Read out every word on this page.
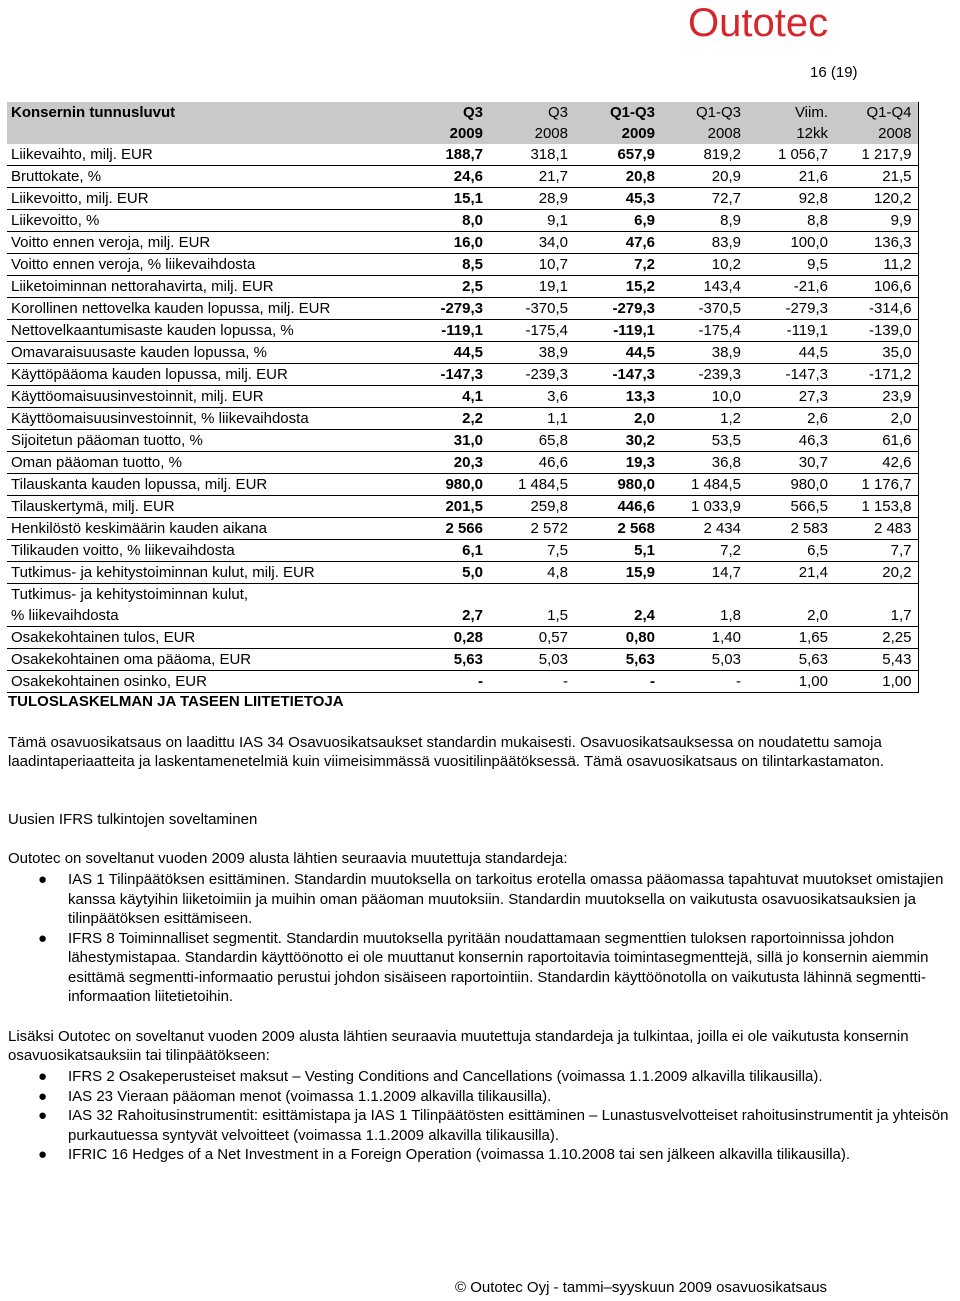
Outotec
16 (19)
Konsernin tunnusluvut	Q3	Q3	Q1-Q3	Q1-Q3	Viim.	Q1-Q4
	2009	2008	2009	2008	12kk	2008
Liikevaihto, milj. EUR	188,7	318,1	657,9	819,2	1 056,7	1 217,9
Bruttokate, %	24,6	21,7	20,8	20,9	21,6	21,5
Liikevoitto, milj. EUR	15,1	28,9	45,3	72,7	92,8	120,2
Liikevoitto, %	8,0	9,1	6,9	8,9	8,8	9,9
Voitto ennen veroja, milj. EUR	16,0	34,0	47,6	83,9	100,0	136,3
Voitto ennen veroja, % liikevaihdosta	8,5	10,7	7,2	10,2	9,5	11,2
Liiketoiminnan nettorahavirta, milj. EUR	2,5	19,1	15,2	143,4	-21,6	106,6
Korollinen nettovelka kauden lopussa, milj. EUR	-279,3	-370,5	-279,3	-370,5	-279,3	-314,6
Nettovelkaantumisaste kauden lopussa, %	-119,1	-175,4	-119,1	-175,4	-119,1	-139,0
Omavaraisuusaste kauden lopussa, %	44,5	38,9	44,5	38,9	44,5	35,0
Käyttöpääoma kauden lopussa, milj. EUR	-147,3	-239,3	-147,3	-239,3	-147,3	-171,2
Käyttöomaisuusinvestoinnit, milj. EUR	4,1	3,6	13,3	10,0	27,3	23,9
Käyttöomaisuusinvestoinnit, % liikevaihdosta	2,2	1,1	2,0	1,2	2,6	2,0
Sijoitetun pääoman tuotto, %	31,0	65,8	30,2	53,5	46,3	61,6
Oman pääoman tuotto, %	20,3	46,6	19,3	36,8	30,7	42,6
Tilauskanta kauden lopussa, milj. EUR	980,0	1 484,5	980,0	1 484,5	980,0	1 176,7
Tilauskertymä, milj. EUR	201,5	259,8	446,6	1 033,9	566,5	1 153,8
Henkilöstö keskimäärin kauden aikana	2 566	2 572	2 568	2 434	2 583	2 483
Tilikauden voitto, % liikevaihdosta	6,1	7,5	5,1	7,2	6,5	7,7
Tutkimus- ja kehitystoiminnan kulut, milj. EUR	5,0	4,8	15,9	14,7	21,4	20,2
Tutkimus- ja kehitystoiminnan kulut,						
% liikevaihdosta	2,7	1,5	2,4	1,8	2,0	1,7
Osakekohtainen tulos, EUR	0,28	0,57	0,80	1,40	1,65	2,25
Osakekohtainen oma pääoma, EUR	5,63	5,03	5,63	5,03	5,63	5,43
Osakekohtainen osinko, EUR	-	-	-	-	1,00	1,00
TULOSLASKELMAN JA TASEEN LIITETIETOJA
Tämä osavuosikatsaus on laadittu IAS 34 Osavuosikatsaukset standardin mukaisesti. Osavuosikatsauksessa on noudatettu samoja laadintaperiaatteita ja laskentamenetelmiä kuin viimeisimmässä vuositilinpäätöksessä. Tämä osavuosikatsaus on tilintarkastamaton.
Uusien IFRS tulkintojen soveltaminen
Outotec on soveltanut vuoden 2009 alusta lähtien seuraavia muutettuja standardeja:
● IAS 1 Tilinpäätöksen esittäminen. Standardin muutoksella on tarkoitus erotella omassa pääomassa tapahtuvat muutokset omistajien kanssa käytyihin liiketoimiin ja muihin oman pääoman muutoksiin. Standardin muutoksella on vaikutusta osavuosikatsauksien ja tilinpäätöksen esittämiseen.
● IFRS 8 Toiminnalliset segmentit. Standardin muutoksella pyritään noudattamaan segmenttien tuloksen raportoinnissa johdon lähestymistapaa. Standardin käyttöönotto ei ole muuttanut konsernin raportoitavia toimintasegmenttejä, sillä jo konsernin aiemmin esittämä segmentti-informaatio perustui johdon sisäiseen raportointiin. Standardin käyttöönotolla on vaikutusta lähinnä segmentti-informaation liitetietoihin.
Lisäksi Outotec on soveltanut vuoden 2009 alusta lähtien seuraavia muutettuja standardeja ja tulkintaa, joilla ei ole vaikutusta konsernin osavuosikatsauksiin tai tilinpäätökseen:
● IFRS 2 Osakeperusteiset maksut – Vesting Conditions and Cancellations (voimassa 1.1.2009 alkavilla tilikausilla).
● IAS 23 Vieraan pääoman menot (voimassa 1.1.2009 alkavilla tilikausilla).
● IAS 32 Rahoitusinstrumentit: esittämistapa ja IAS 1 Tilinpäätösten esittäminen – Lunastusvelvotteiset rahoitusinstrumentit ja yhteisön purkautuessa syntyvät velvoitteet (voimassa 1.1.2009 alkavilla tilikausilla).
● IFRIC 16 Hedges of a Net Investment in a Foreign Operation (voimassa 1.10.2008 tai sen jälkeen alkavilla tilikausilla).
© Outotec Oyj - tammi–syyskuun 2009 osavuosikatsaus
